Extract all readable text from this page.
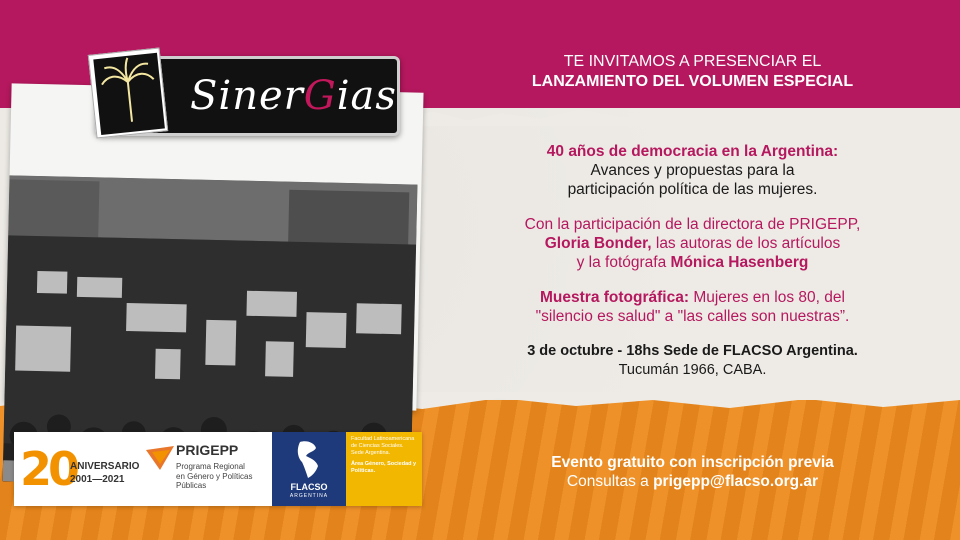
SinerGias
TE INVITAMOS A PRESENCIAR EL
LANZAMIENTO DEL VOLUMEN ESPECIAL
40 años de democracia en la Argentina:
Avances y propuestas para la
participación política de las mujeres.
Con la participación de la directora de PRIGEPP,
Gloria Bonder, las autoras de los artículos
y la fotógrafa Mónica Hasenberg
Muestra fotográfica: Mujeres en los 80, del
"silencio es salud" a "las calles son nuestras”.
3 de octubre - 18hs Sede de FLACSO Argentina.
Tucumán 1966, CABA.
Evento gratuito con inscripción previa
Consultas a prigepp@flacso.org.ar
20
ANIVERSARIO
2001—2021
PRIGEPP
Programa Regional
en Género y Políticas
Públicas	FLACSO
ARGENTINA
Facultad Latinoamericana de Ciencias Sociales. Sede Argentina.
Área Género, Sociedad y Políticas.
